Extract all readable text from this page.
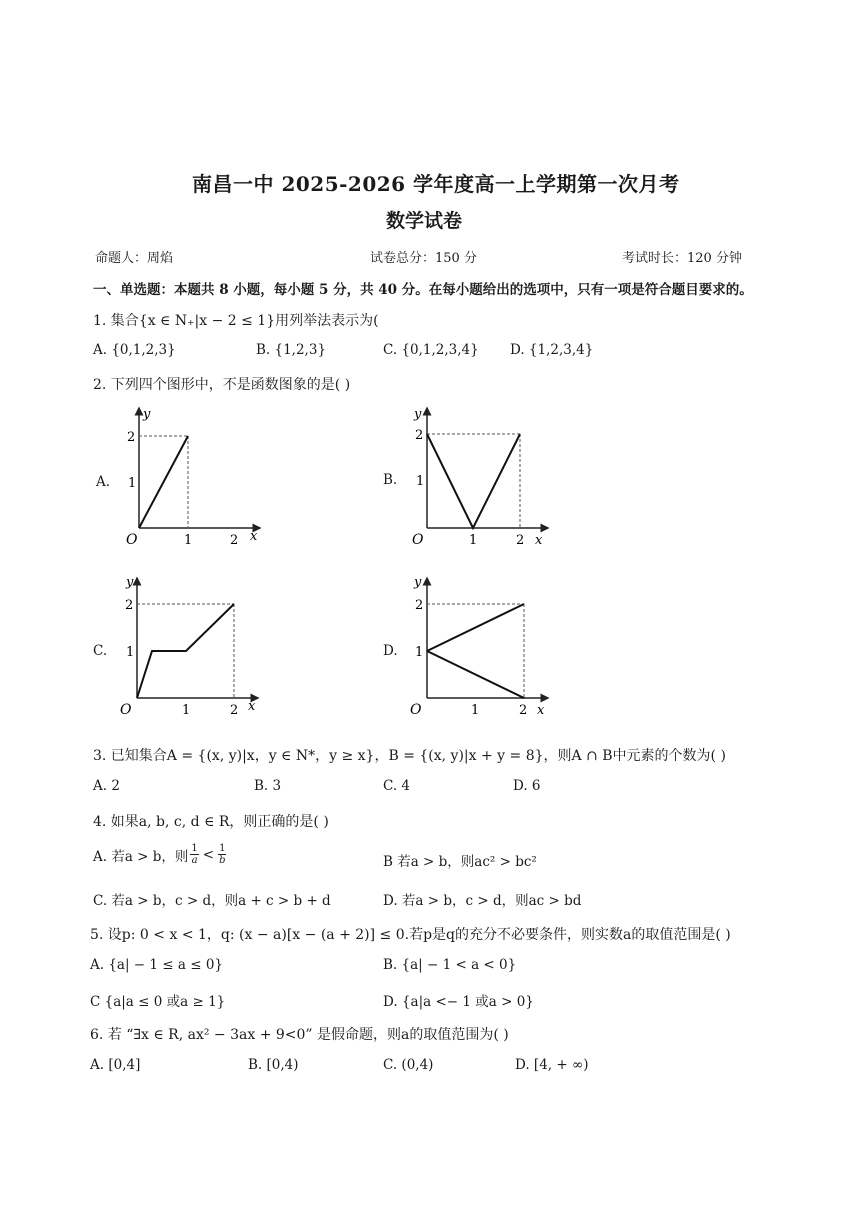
南昌一中 2025-2026 学年度高一上学期第一次月考
数学试卷
命题人：周焰	试卷总分：150 分	考试时长：120 分钟
一、单选题：本题共 8 小题，每小题 5 分，共 40 分。在每小题给出的选项中，只有一项是符合题目要求的。
1. 集合{x ∈ N₊|x − 2 ≤ 1}用列举法表示为(
A. {0,1,2,3}	B. {1,2,3}	C. {0,1,2,3,4} D. {1,2,3,4}
2. 下列四个图形中，不是函数图象的是( )
A.	B.
C.	D.
y
2
1
O	1	2 x
y
2
1
O	1	2 x
y
2
1
O	1	2 x
y
2
1
O	1	2 x
3. 已知集合A = {(x, y)|x，y ∈ N*，y ≥ x}，B = {(x, y)|x + y = 8}，则A ∩ B中元素的个数为( )
A. 2	B. 3	C. 4	D. 6
4. 如果a, b, c, d ∈ R，则正确的是( )
A. 若a > b，则 $\frac{1}{a} < \frac{1}{b}$	B 若a > b，则ac² > bc²
C. 若a > b，c > d，则a + c > b + d	D. 若a > b，c > d，则ac > bd
5. 设p: 0 < x < 1，q: (x − a)[x − (a + 2)] ≤ 0.若p是q的充分不必要条件，则实数a的取值范围是( )
A. {a| − 1 ≤ a ≤ 0}	B. {a| − 1 < a < 0}
C {a|a ≤ 0 或a ≥ 1}	D. {a|a <− 1 或a > 0}
6. 若 “∃x ∈ R, ax² − 3ax + 9<0” 是假命题，则a的取值范围为( )
A. [0,4]	B. [0,4)	C. (0,4)	D. [4, + ∞)
